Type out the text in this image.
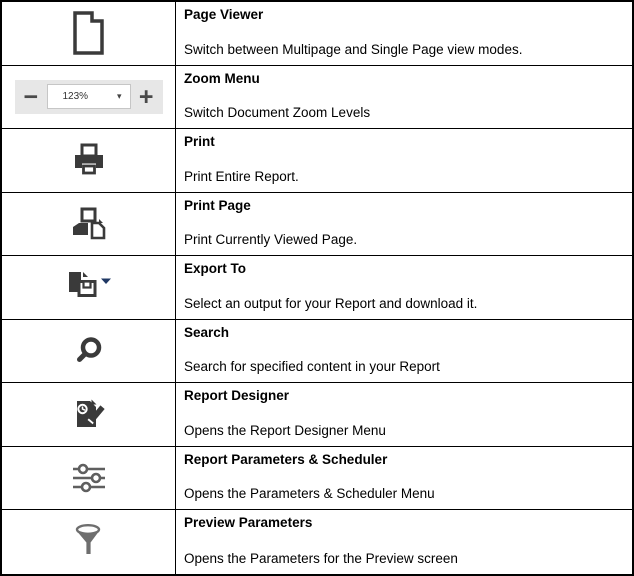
Page Viewer
Switch between Multipage and Single Page view modes.
− 123%	▾ +
Zoom Menu
Switch Document Zoom Levels
Print
Print Entire Report.
Print Page
Print Currently Viewed Page.
Export To
Select an output for your Report and download it.
Search
Search for specified content in your Report
Report Designer
Opens the Report Designer Menu
Report Parameters & Scheduler
Opens the Parameters & Scheduler Menu
Preview Parameters
Opens the Parameters for the Preview screen
